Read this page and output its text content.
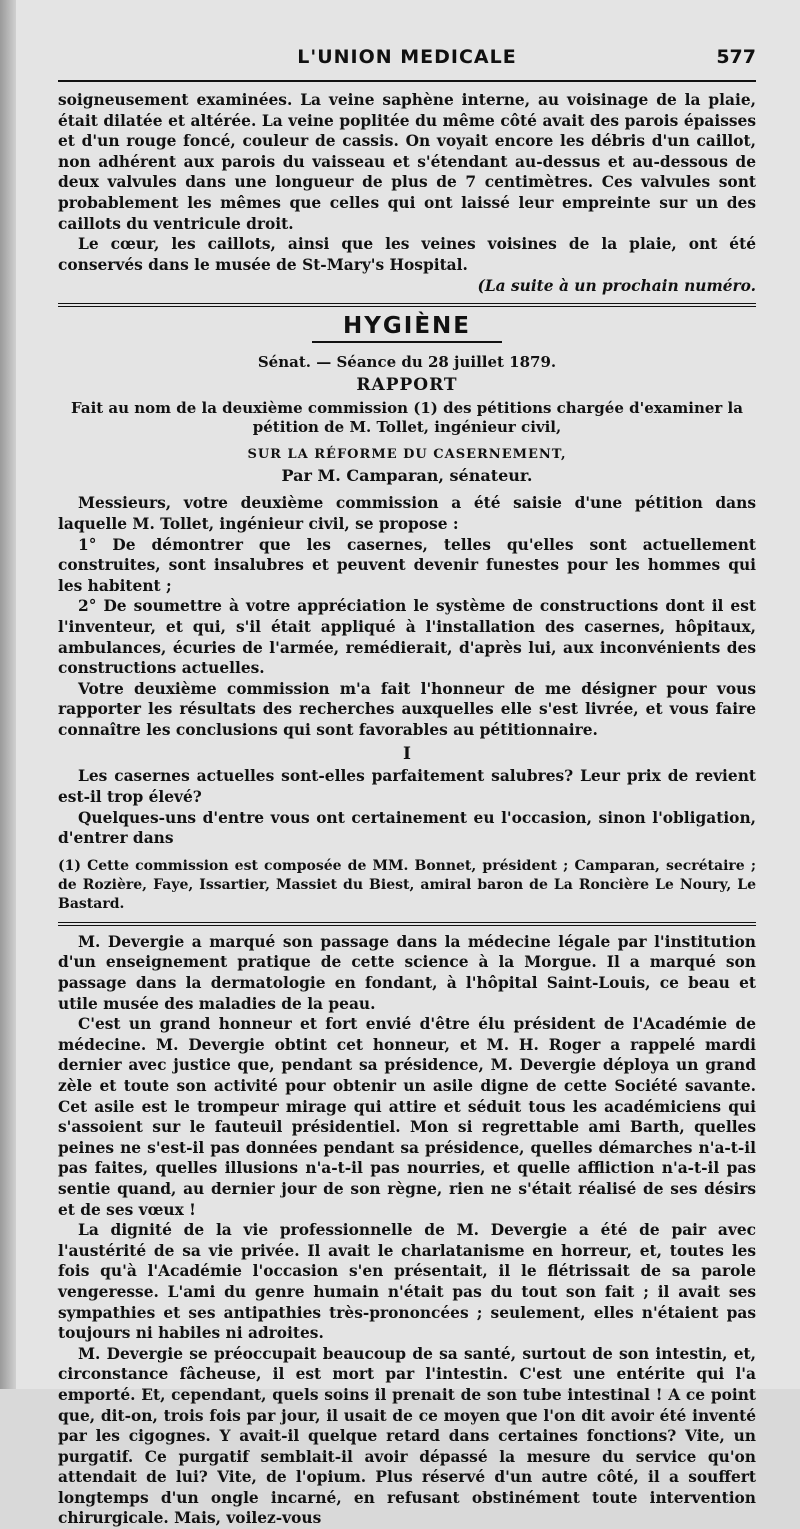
L'UNION MEDICALE	577

soigneusement examinées. La veine saphène interne, au voisinage de la plaie, était dilatée et altérée. La veine poplitée du même côté avait des parois épaisses et d'un rouge foncé, couleur de cassis. On voyait encore les débris d'un caillot, non adhérent aux parois du vaisseau et s'étendant au-dessus et au-dessous de deux valvules dans une longueur de plus de 7 centimètres. Ces valvules sont probablement les mêmes que celles qui ont laissé leur empreinte sur un des caillots du ventricule droit.

Le cœur, les caillots, ainsi que les veines voisines de la plaie, ont été conservés dans le musée de St-Mary's Hospital.

(La suite à un prochain numéro.
HYGIÈNE
Sénat. — Séance du 28 juillet 1879.
RAPPORT
Fait au nom de la deuxième commission (1) des pétitions chargée d'examiner la pétition de M. Tollet, ingénieur civil,
SUR LA RÉFORME DU CASERNEMENT,
Par M. Camparan, sénateur.

Messieurs, votre deuxième commission a été saisie d'une pétition dans laquelle M. Tollet, ingénieur civil, se propose :

1° De démontrer que les casernes, telles qu'elles sont actuellement construites, sont insalubres et peuvent devenir funestes pour les hommes qui les habitent ;

2° De soumettre à votre appréciation le système de constructions dont il est l'inventeur, et qui, s'il était appliqué à l'installation des casernes, hôpitaux, ambulances, écuries de l'armée, remédierait, d'après lui, aux inconvénients des constructions actuelles.

Votre deuxième commission m'a fait l'honneur de me désigner pour vous rapporter les résultats des recherches auxquelles elle s'est livrée, et vous faire connaître les conclusions qui sont favorables au pétitionnaire.

I

Les casernes actuelles sont-elles parfaitement salubres? Leur prix de revient est-il trop élevé?

Quelques-uns d'entre vous ont certainement eu l'occasion, sinon l'obligation, d'entrer dans

(1) Cette commission est composée de MM. Bonnet, président ; Camparan, secrétaire ; de Rozière, Faye, Issartier, Massiet du Biest, amiral baron de La Roncière Le Noury, Le Bastard.

M. Devergie a marqué son passage dans la médecine légale par l'institution d'un enseignement pratique de cette science à la Morgue. Il a marqué son passage dans la dermatologie en fondant, à l'hôpital Saint-Louis, ce beau et utile musée des maladies de la peau.

C'est un grand honneur et fort envié d'être élu président de l'Académie de médecine. M. Devergie obtint cet honneur, et M. H. Roger a rappelé mardi dernier avec justice que, pendant sa présidence, M. Devergie déploya un grand zèle et toute son activité pour obtenir un asile digne de cette Société savante. Cet asile est le trompeur mirage qui attire et séduit tous les académiciens qui s'assoient sur le fauteuil présidentiel. Mon si regrettable ami Barth, quelles peines ne s'est-il pas données pendant sa présidence, quelles démarches n'a-t-il pas faites, quelles illusions n'a-t-il pas nourries, et quelle affliction n'a-t-il pas sentie quand, au dernier jour de son règne, rien ne s'était réalisé de ses désirs et de ses vœux !

La dignité de la vie professionnelle de M. Devergie a été de pair avec l'austérité de sa vie privée. Il avait le charlatanisme en horreur, et, toutes les fois qu'à l'Académie l'occasion s'en présentait, il le flétrissait de sa parole vengeresse. L'ami du genre humain n'était pas du tout son fait ; il avait ses sympathies et ses antipathies très-prononcées ; seulement, elles n'étaient pas toujours ni habiles ni adroites.

M. Devergie se préoccupait beaucoup de sa santé, surtout de son intestin, et, circonstance fâcheuse, il est mort par l'intestin. C'est une entérite qui l'a emporté. Et, cependant, quels soins il prenait de son tube intestinal ! A ce point que, dit-on, trois fois par jour, il usait de ce moyen que l'on dit avoir été inventé par les cigognes. Y avait-il quelque retard dans certaines fonctions? Vite, un purgatif. Ce purgatif semblait-il avoir dépassé la mesure du service qu'on attendait de lui? Vite, de l'opium. Plus réservé d'un autre côté, il a souffert longtemps d'un ongle incarné, en refusant obstinément toute intervention chirurgicale. Mais, voilez-vous
